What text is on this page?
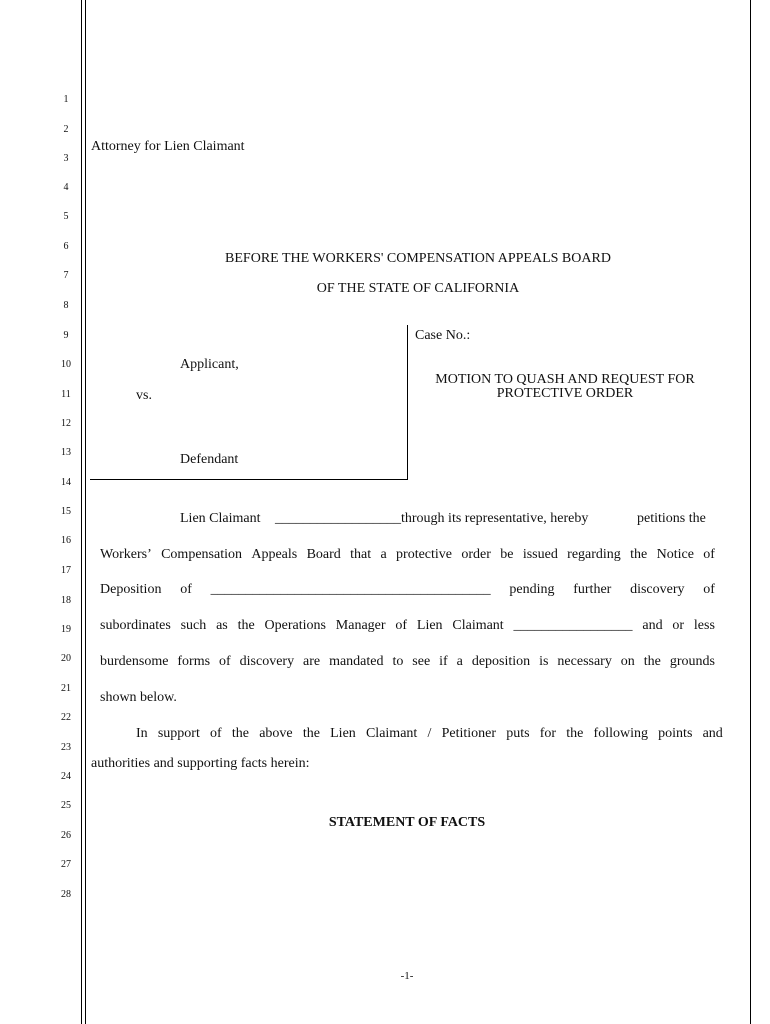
1
2
3
4
5
6
7
8
9
10
11
12
13
14
15
16
17
18
19
20
21
22
23
24
25
26
27
28
Attorney for Lien Claimant
BEFORE THE WORKERS' COMPENSATION APPEALS BOARD
OF THE STATE OF CALIFORNIA
Applicant,
vs.
Defendant
Case No.:
MOTION TO QUASH AND REQUEST FOR
PROTECTIVE ORDER
Lien Claimant __________________through its representative, hereby	petitions the
Workers’ Compensation Appeals Board that a protective order be issued regarding the Notice of
Deposition of ________________________________________ pending further discovery of
subordinates such as the Operations Manager of Lien Claimant _________________ and or less
burdensome forms of discovery are mandated to see if a deposition is necessary on the grounds
shown below.
In support of the above the Lien Claimant / Petitioner puts for the following points and
authorities and supporting facts herein:
STATEMENT OF FACTS
-1-
